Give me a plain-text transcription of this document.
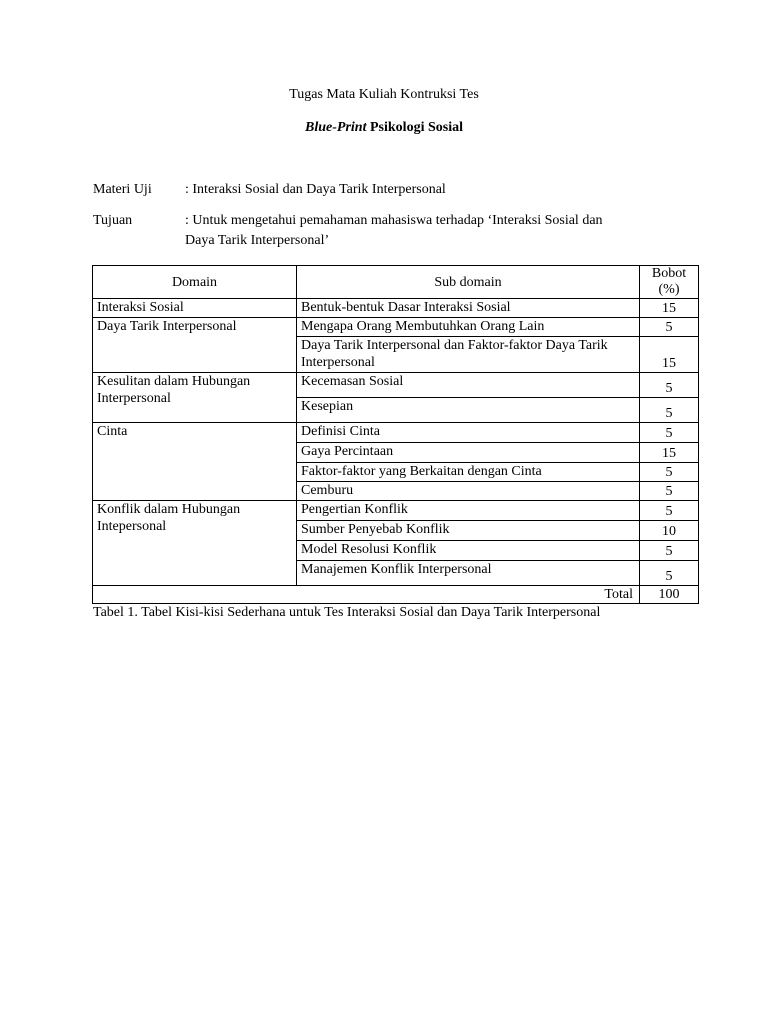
Tugas Mata Kuliah Kontruksi Tes
Blue-Print Psikologi Sosial
Materi Uji : Interaksi Sosial dan Daya Tarik Interpersonal
Tujuan	: Untuk mengetahui pemahaman mahasiswa terhadap ‘Interaksi Sosial dan
Daya Tarik Interpersonal’
Domain	Sub domain	Bobot
(%)
Interaksi Sosial	Bentuk-bentuk Dasar Interaksi Sosial	15
Daya Tarik Interpersonal	Mengapa Orang Membutuhkan Orang Lain	5
	Daya Tarik Interpersonal dan Faktor-faktor Daya Tarik Interpersonal	15
Kesulitan dalam Hubungan Interpersonal	Kecemasan Sosial	5
	Kesepian	5
Cinta	Definisi Cinta	5
	Gaya Percintaan	15
	Faktor-faktor yang Berkaitan dengan Cinta	5
	Cemburu	5
Konflik dalam Hubungan Intepersonal	Pengertian Konflik	5
	Sumber Penyebab Konflik	10
	Model Resolusi Konflik	5
	Manajemen Konflik Interpersonal	5
Total		100
Tabel 1. Tabel Kisi-kisi Sederhana untuk Tes Interaksi Sosial dan Daya Tarik Interpersonal
